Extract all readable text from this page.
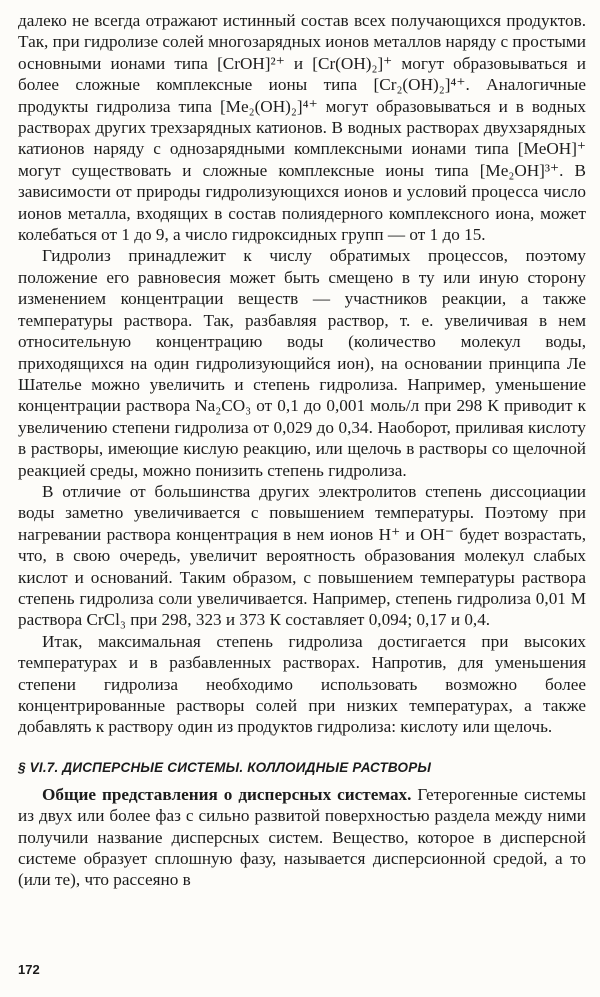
далеко не всегда отражают истинный состав всех получающихся продуктов. Так, при гидролизе солей многозарядных ионов металлов наряду с простыми основными ионами типа [CrOH]²⁺ и [Cr(OH)₂]⁺ могут образовываться и более сложные комплексные ионы типа [Cr₂(OH)₂]⁴⁺. Аналогичные продукты гидролиза типа [Me₂(OH)₂]⁴⁺ могут образовываться и в водных растворах других трехзарядных катионов. В водных растворах двухзарядных катионов наряду с однозарядными комплексными ионами типа [MeOH]⁺ могут существовать и сложные комплексные ионы типа [Me₂OH]³⁺. В зависимости от природы гидролизующихся ионов и условий процесса число ионов металла, входящих в состав полиядерного комплексного иона, может колебаться от 1 до 9, а число гидроксидных групп — от 1 до 15.

Гидролиз принадлежит к числу обратимых процессов, поэтому положение его равновесия может быть смещено в ту или иную сторону изменением концентрации веществ — участников реакции, а также температуры раствора. Так, разбавляя раствор, т. е. увеличивая в нем относительную концентрацию воды (количество молекул воды, приходящихся на один гидролизующийся ион), на основании принципа Ле Шателье можно увеличить и степень гидролиза. Например, уменьшение концентрации раствора Na₂CO₃ от 0,1 до 0,001 моль/л при 298 К приводит к увеличению степени гидролиза от 0,029 до 0,34. Наоборот, приливая кислоту в растворы, имеющие кислую реакцию, или щелочь в растворы со щелочной реакцией среды, можно понизить степень гидролиза.

В отличие от большинства других электролитов степень диссоциации воды заметно увеличивается с повышением температуры. Поэтому при нагревании раствора концентрация в нем ионов H⁺ и OH⁻ будет возрастать, что, в свою очередь, увеличит вероятность образования молекул слабых кислот и оснований. Таким образом, с повышением температуры раствора степень гидролиза соли увеличивается. Например, степень гидролиза 0,01 М раствора CrCl₃ при 298, 323 и 373 К составляет 0,094; 0,17 и 0,4.

Итак, максимальная степень гидролиза достигается при высоких температурах и в разбавленных растворах. Напротив, для уменьшения степени гидролиза необходимо использовать возможно более концентрированные растворы солей при низких температурах, а также добавлять к раствору один из продуктов гидролиза: кислоту или щелочь.

§ VI.7. ДИСПЕРСНЫЕ СИСТЕМЫ. КОЛЛОИДНЫЕ РАСТВОРЫ

Общие представления о дисперсных системах. Гетерогенные системы из двух или более фаз с сильно развитой поверхностью раздела между ними получили название дисперсных систем. Вещество, которое в дисперсной системе образует сплошную фазу, называется дисперсионной средой, а то (или те), что рассеяно в

172
